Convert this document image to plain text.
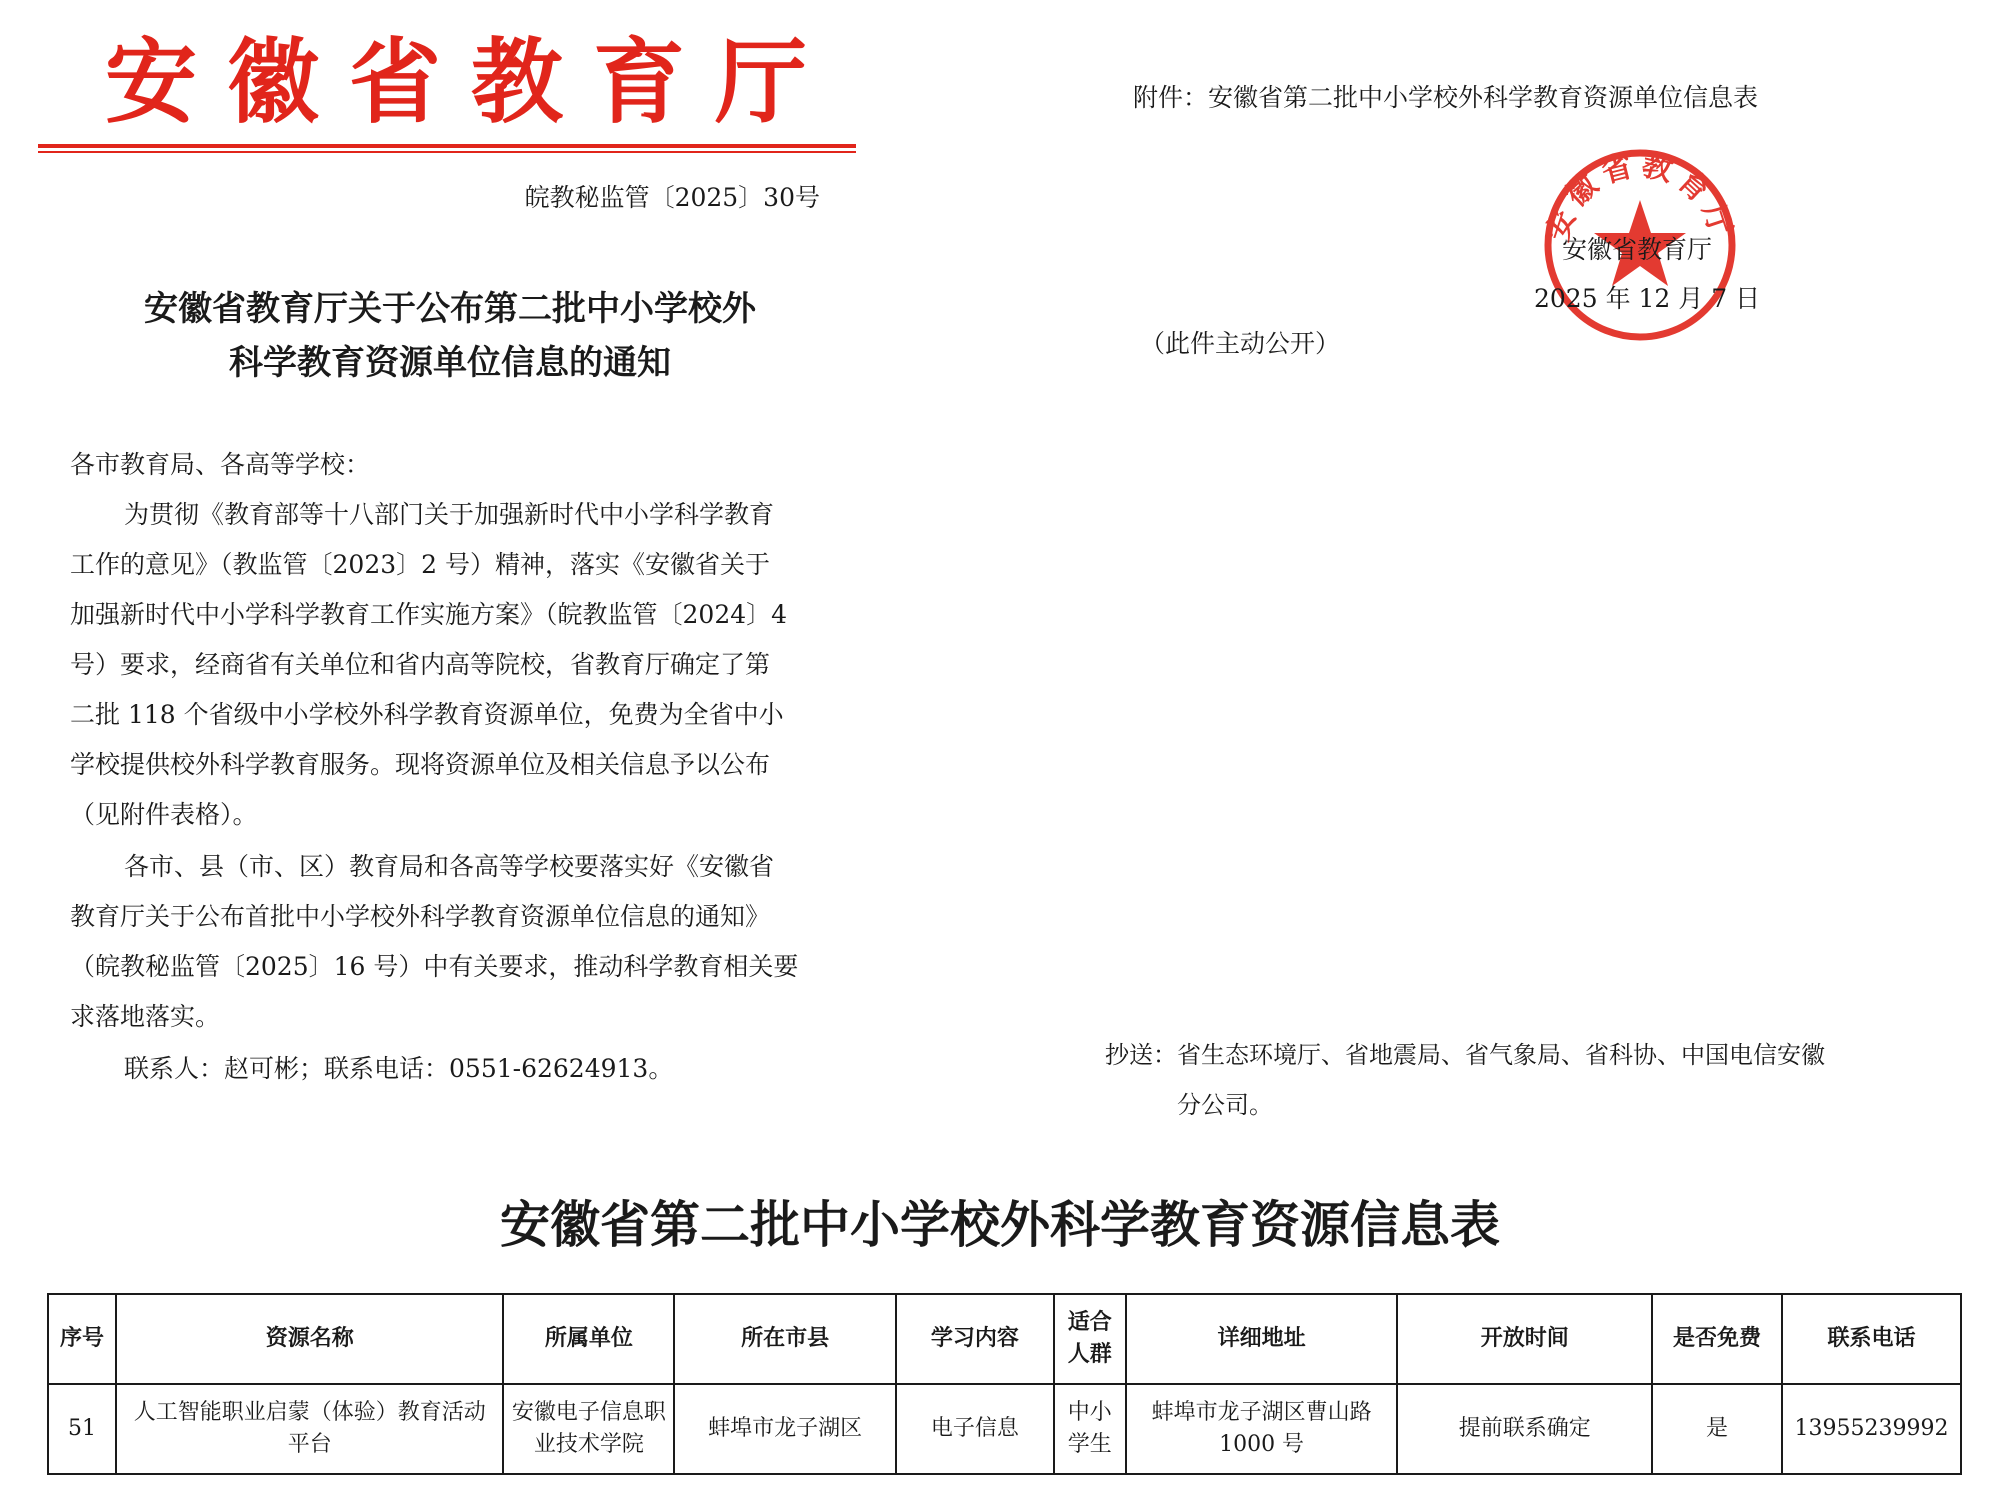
安徽省教育厅
皖教秘监管〔2025〕30号
安徽省教育厅关于公布第二批中小学校外
科学教育资源单位信息的通知
各市教育局、各高等学校：
为贯彻《教育部等十八部门关于加强新时代中小学科学教育
工作的意见》（教监管〔2023〕2 号）精神，落实《安徽省关于
加强新时代中小学科学教育工作实施方案》（皖教监管〔2024〕4
号）要求，经商省有关单位和省内高等院校，省教育厅确定了第
二批 118 个省级中小学校外科学教育资源单位，免费为全省中小
学校提供校外科学教育服务。现将资源单位及相关信息予以公布
（见附件表格）。
各市、县（市、区）教育局和各高等学校要落实好《安徽省
教育厅关于公布首批中小学校外科学教育资源单位信息的通知》
（皖教秘监管〔2025〕16 号）中有关要求，推动科学教育相关要
求落地落实。
联系人：赵可彬；联系电话：0551-62624913。
附件：安徽省第二批中小学校外科学教育资源单位信息表
安徽省教育厅
安徽省教育厅
2025 年 12 月 7 日
（此件主动公开）
抄送：省生态环境厅、省地震局、省气象局、省科协、中国电信安徽
分公司。
安徽省第二批中小学校外科学教育资源信息表
序号	资源名称	所属单位	所在市县	学习内容	适合人群	详细地址	开放时间	是否免费	联系电话
51	人工智能职业启蒙（体验）教育活动平台	安徽电子信息职业技术学院	蚌埠市龙子湖区	电子信息	中小学生	蚌埠市龙子湖区曹山路 1000 号	提前联系确定	是	13955239992
